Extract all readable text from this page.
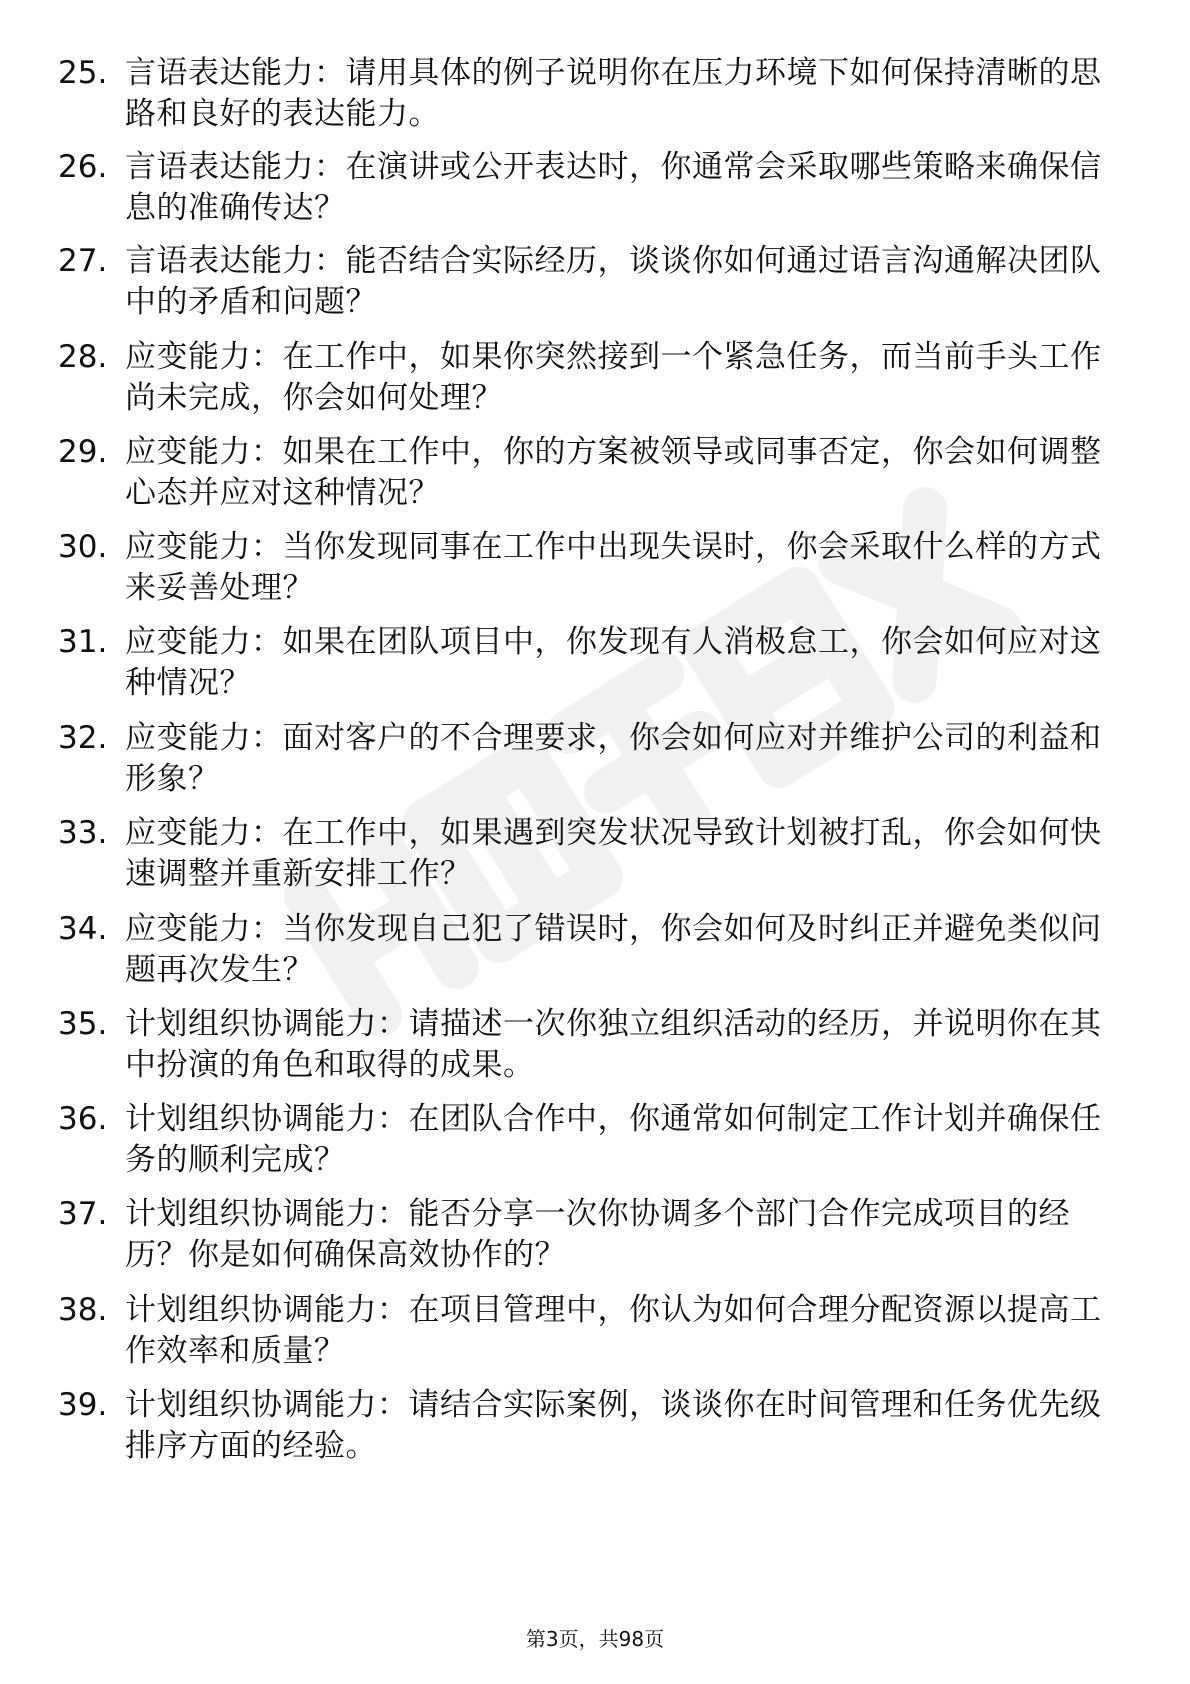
25. 言语表达能力：请用具体的例子说明你在压力环境下如何保持清晰的思路和良好的表达能力。
26. 言语表达能力：在演讲或公开表达时，你通常会采取哪些策略来确保信息的准确传达？
27. 言语表达能力：能否结合实际经历，谈谈你如何通过语言沟通解决团队中的矛盾和问题？
28. 应变能力：在工作中，如果你突然接到一个紧急任务，而当前手头工作尚未完成，你会如何处理？
29. 应变能力：如果在工作中，你的方案被领导或同事否定，你会如何调整心态并应对这种情况？
30. 应变能力：当你发现同事在工作中出现失误时，你会采取什么样的方式来妥善处理？
31. 应变能力：如果在团队项目中，你发现有人消极怠工，你会如何应对这种情况？
32. 应变能力：面对客户的不合理要求，你会如何应对并维护公司的利益和形象？
33. 应变能力：在工作中，如果遇到突发状况导致计划被打乱，你会如何快速调整并重新安排工作？
34. 应变能力：当你发现自己犯了错误时，你会如何及时纠正并避免类似问题再次发生？
35. 计划组织协调能力：请描述一次你独立组织活动的经历，并说明你在其中扮演的角色和取得的成果。
36. 计划组织协调能力：在团队合作中，你通常如何制定工作计划并确保任务的顺利完成？
37. 计划组织协调能力：能否分享一次你协调多个部门合作完成项目的经历？你是如何确保高效协作的？
38. 计划组织协调能力：在项目管理中，你认为如何合理分配资源以提高工作效率和质量？
39. 计划组织协调能力：请结合实际案例，谈谈你在时间管理和任务优先级排序方面的经验。
第3页，共98页
